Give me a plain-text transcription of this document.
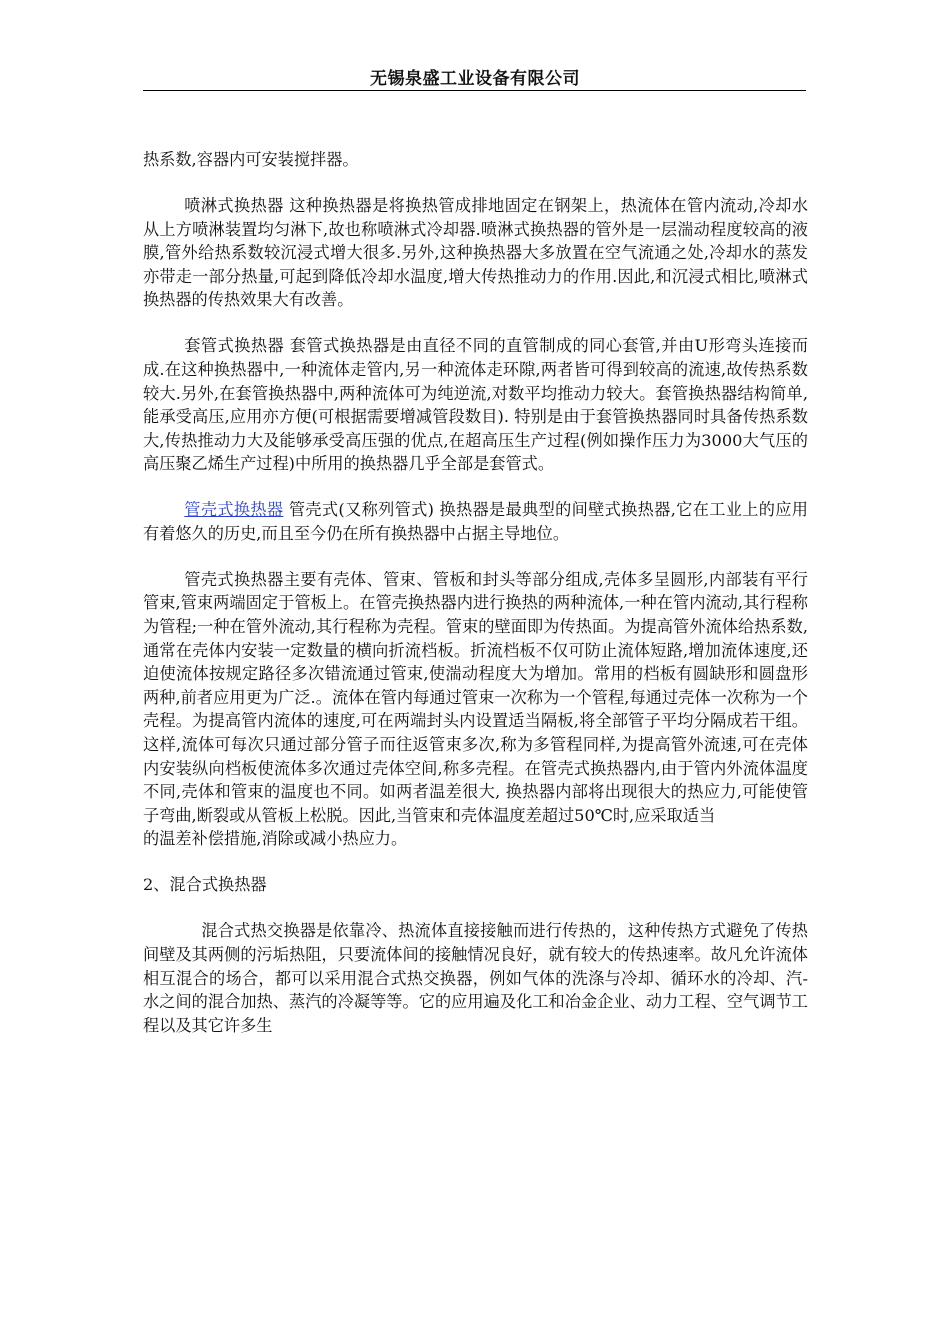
无锡泉盛工业设备有限公司

热系数,容器内可安装搅拌器。

喷淋式换热器 这种换热器是将换热管成排地固定在钢架上，热流体在管内流动,冷却水 从上方喷淋装置均匀淋下,故也称喷淋式冷却器.喷淋式换热器的管外是一层湍动程度较高的液膜,管外给热系数较沉浸式增大很多.另外,这种换热器大多放置在空气流通之处,冷却水的蒸发亦带走一部分热量,可起到降低冷却水温度,增大传热推动力的作用.因此,和沉浸式相比,喷淋式换热器的传热效果大有改善。

套管式换热器 套管式换热器是由直径不同的直管制成的同心套管,并由U形弯头连接而成.在这种换热器中,一种流体走管内,另一种流体走环隙,两者皆可得到较高的流速,故传热系数较大.另外,在套管换热器中,两种流体可为纯逆流,对数平均推动力较大。套管换热器结构简单,能承受高压,应用亦方便(可根据需要增减管段数目). 特别是由于套管换热器同时具备传热系数大,传热推动力大及能够承受高压强的优点,在超高压生产过程(例如操作压力为3000大气压的高压聚乙烯生产过程)中所用的换热器几乎全部是套管式。

管壳式换热器 管壳式(又称列管式) 换热器是最典型的间壁式换热器,它在工业上的应用有着悠久的历史,而且至今仍在所有换热器中占据主导地位。

管壳式换热器主要有壳体、管束、管板和封头等部分组成,壳体多呈圆形,内部装有平行管束,管束两端固定于管板上。在管壳换热器内进行换热的两种流体,一种在管内流动,其行程称为管程;一种在管外流动,其行程称为壳程。管束的壁面即为传热面。为提高管外流体给热系数,通常在壳体内安装一定数量的横向折流档板。折流档板不仅可防止流体短路,增加流体速度,还迫使流体按规定路径多次错流通过管束,使湍动程度大为增加。常用的档板有圆缺形和圆盘形两种,前者应用更为广泛.。流体在管内每通过管束一次称为一个管程,每通过壳体一次称为一个壳程。为提高管内流体的速度,可在两端封头内设置适当隔板,将全部管子平均分隔成若干组。这样,流体可每次只通过部分管子而往返管束多次,称为多管程同样,为提高管外流速,可在壳体内安装纵向档板使流体多次通过壳体空间,称多壳程。在管壳式换热器内,由于管内外流体温度不同,壳体和管束的温度也不同。如两者温差很大, 换热器内部将出现很大的热应力,可能使管子弯曲,断裂或从管板上松脱。因此,当管束和壳体温度差超过50℃时,应采取适当

的温差补偿措施,消除或减小热应力。

2、混合式换热器

混合式热交换器是依靠冷、热流体直接接触而进行传热的，这种传热方式避免了传热间壁及其两侧的污垢热阻，只要流体间的接触情况良好，就有较大的传热速率。故凡允许流体相互混合的场合，都可以采用混合式热交换器，例如气体的洗涤与冷却、循环水的冷却、汽-水之间的混合加热、蒸汽的冷凝等等。它的应用遍及化工和冶金企业、动力工程、空气调节工程以及其它许多生
